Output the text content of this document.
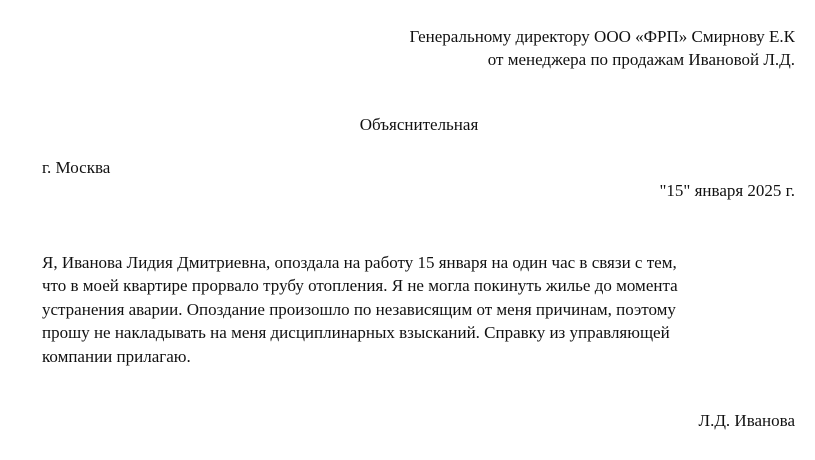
Генеральному директору ООО «ФРП» Смирнову Е.К

от менеджера по продажам Ивановой Л.Д.

Объяснительная

г. Москва

"15" января 2025 г.

Я, Иванова Лидия Дмитриевна, опоздала на работу 15 января на один час в связи с тем,

что в моей квартире прорвало трубу отопления. Я не могла покинуть жилье до момента

устранения аварии. Опоздание произошло по независящим от меня причинам, поэтому

прошу не накладывать на меня дисциплинарных взысканий. Справку из управляющей

компании прилагаю.

Л.Д. Иванова
